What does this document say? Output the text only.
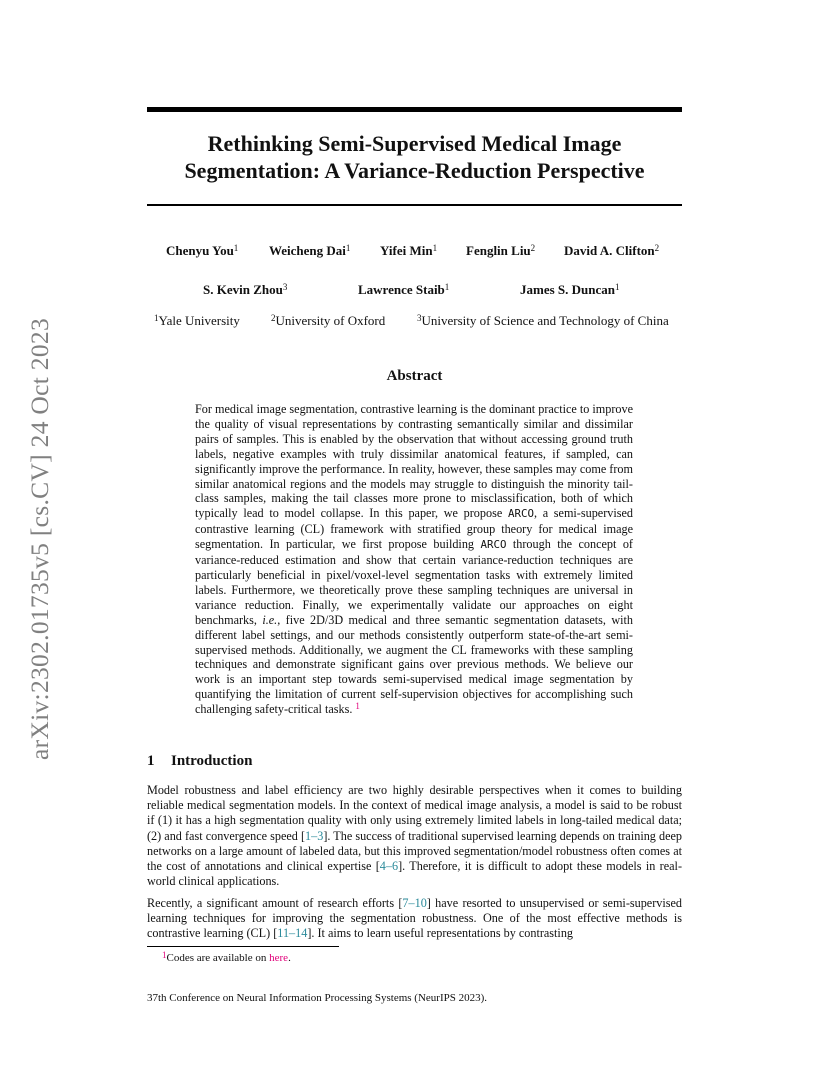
arXiv:2302.01735v5 [cs.CV] 24 Oct 2023
Rethinking Semi-Supervised Medical Image
Segmentation: A Variance-Reduction Perspective
Chenyu You$^1$ Weicheng Dai$^1$ Yifei Min$^1$ Fenglin Liu$^2$ David A. Clifton$^2$
S. Kevin Zhou$^3$	Lawrence Staib$^1$	James S. Duncan$^1$
$^1$Yale University	$^2$University of Oxford	$^3$University of Science and Technology of China
Abstract
For medical image segmentation, contrastive learning is the dominant practice to improve the quality of visual representations by contrasting semantically similar and dissimilar pairs of samples. This is enabled by the observation that without accessing ground truth labels, negative examples with truly dissimilar anatomical features, if sampled, can significantly improve the performance. In reality, however, these samples may come from similar anatomical regions and the models may struggle to distinguish the minority tail-class samples, making the tail classes more prone to misclassification, both of which typically lead to model collapse. In this paper, we propose ARCO, a semi-supervised contrastive learning (CL) framework with stratified group theory for medical image segmentation. In particular, we first propose building ARCO through the concept of variance-reduced estimation and show that certain variance-reduction techniques are particularly beneficial in pixel/voxel-level segmentation tasks with extremely limited labels. Furthermore, we theoretically prove these sampling techniques are universal in variance reduction. Finally, we experimentally validate our approaches on eight benchmarks, i.e., five 2D/3D medical and three semantic segmentation datasets, with different label settings, and our methods consistently outperform state-of-the-art semi-supervised methods. Additionally, we augment the CL frameworks with these sampling techniques and demonstrate significant gains over previous methods. We believe our work is an important step towards semi-supervised medical image segmentation by quantifying the limitation of current self-supervision objectives for accomplishing such challenging safety-critical tasks. $^1$
1 Introduction
Model robustness and label efficiency are two highly desirable perspectives when it comes to building reliable medical segmentation models. In the context of medical image analysis, a model is said to be robust if (1) it has a high segmentation quality with only using extremely limited labels in long-tailed medical data; (2) and fast convergence speed [1–3]. The success of traditional supervised learning depends on training deep networks on a large amount of labeled data, but this improved segmentation/model robustness often comes at the cost of annotations and clinical expertise [4–6]. Therefore, it is difficult to adopt these models in real-world clinical applications.
Recently, a significant amount of research efforts [7–10] have resorted to unsupervised or semi-supervised learning techniques for improving the segmentation robustness. One of the most effective methods is contrastive learning (CL) [11–14]. It aims to learn useful representations by contrasting
$^1$Codes are available on here.
37th Conference on Neural Information Processing Systems (NeurIPS 2023).
